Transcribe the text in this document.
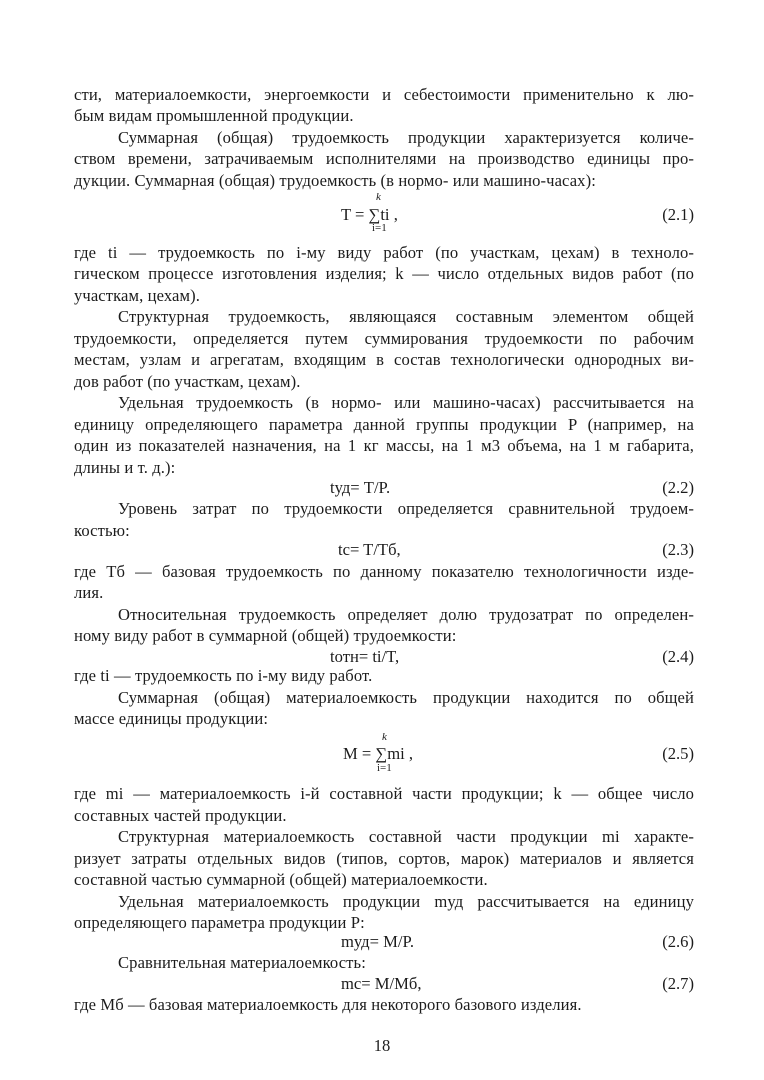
сти, материалоемкости, энергоемкости и себестоимости применительно к лю-
бым видам промышленной продукции.
Суммарная (общая) трудоемкость продукции характеризуется количе-
ством времени, затрачиваемым исполнителями на производство единицы про-
дукции. Суммарная (общая) трудоемкость (в нормо- или машино-часах):
k
T = ∑ti ,
i=1
(2.1)
где ti — трудоемкость по i-му виду работ (по участкам, цехам) в техноло-
гическом процессе изготовления изделия; k — число отдельных видов работ (по
участкам, цехам).
Структурная трудоемкость, являющаяся составным элементом общей
трудоемкости, определяется путем суммирования трудоемкости по рабочим
местам, узлам и агрегатам, входящим в состав технологически однородных ви-
дов работ (по участкам, цехам).
Удельная трудоемкость (в нормо- или машино-часах) рассчитывается на
единицу определяющего параметра данной группы продукции P (например, на
один из показателей назначения, на 1 кг массы, на 1 м3 объема, на 1 м габарита,
длины и т. д.):
tуд= T/P.	(2.2)
Уровень затрат по трудоемкости определяется сравнительной трудоем-
костью:
tc= T/Tб,	(2.3)
где Tб — базовая трудоемкость по данному показателю технологичности изде-
лия.
Относительная трудоемкость определяет долю трудозатрат по определен-
ному виду работ в суммарной (общей) трудоемкости:
tотн= ti/T,	(2.4)
где ti — трудоемкость по i-му виду работ.
Суммарная (общая) материалоемкость продукции находится по общей
массе единицы продукции:
k
M = ∑mi ,
i=1
(2.5)
где mi — материалоемкость i-й составной части продукции; k — общее число
составных частей продукции.
Структурная материалоемкость составной части продукции mi характе-
ризует затраты отдельных видов (типов, сортов, марок) материалов и является
составной частью суммарной (общей) материалоемкости.
Удельная материалоемкость продукции mуд рассчитывается на единицу
определяющего параметра продукции P:
mуд= M/P.	(2.6)
Сравнительная материалоемкость:
mc= M/Mб,	(2.7)
где Mб — базовая материалоемкость для некоторого базового изделия.
18
